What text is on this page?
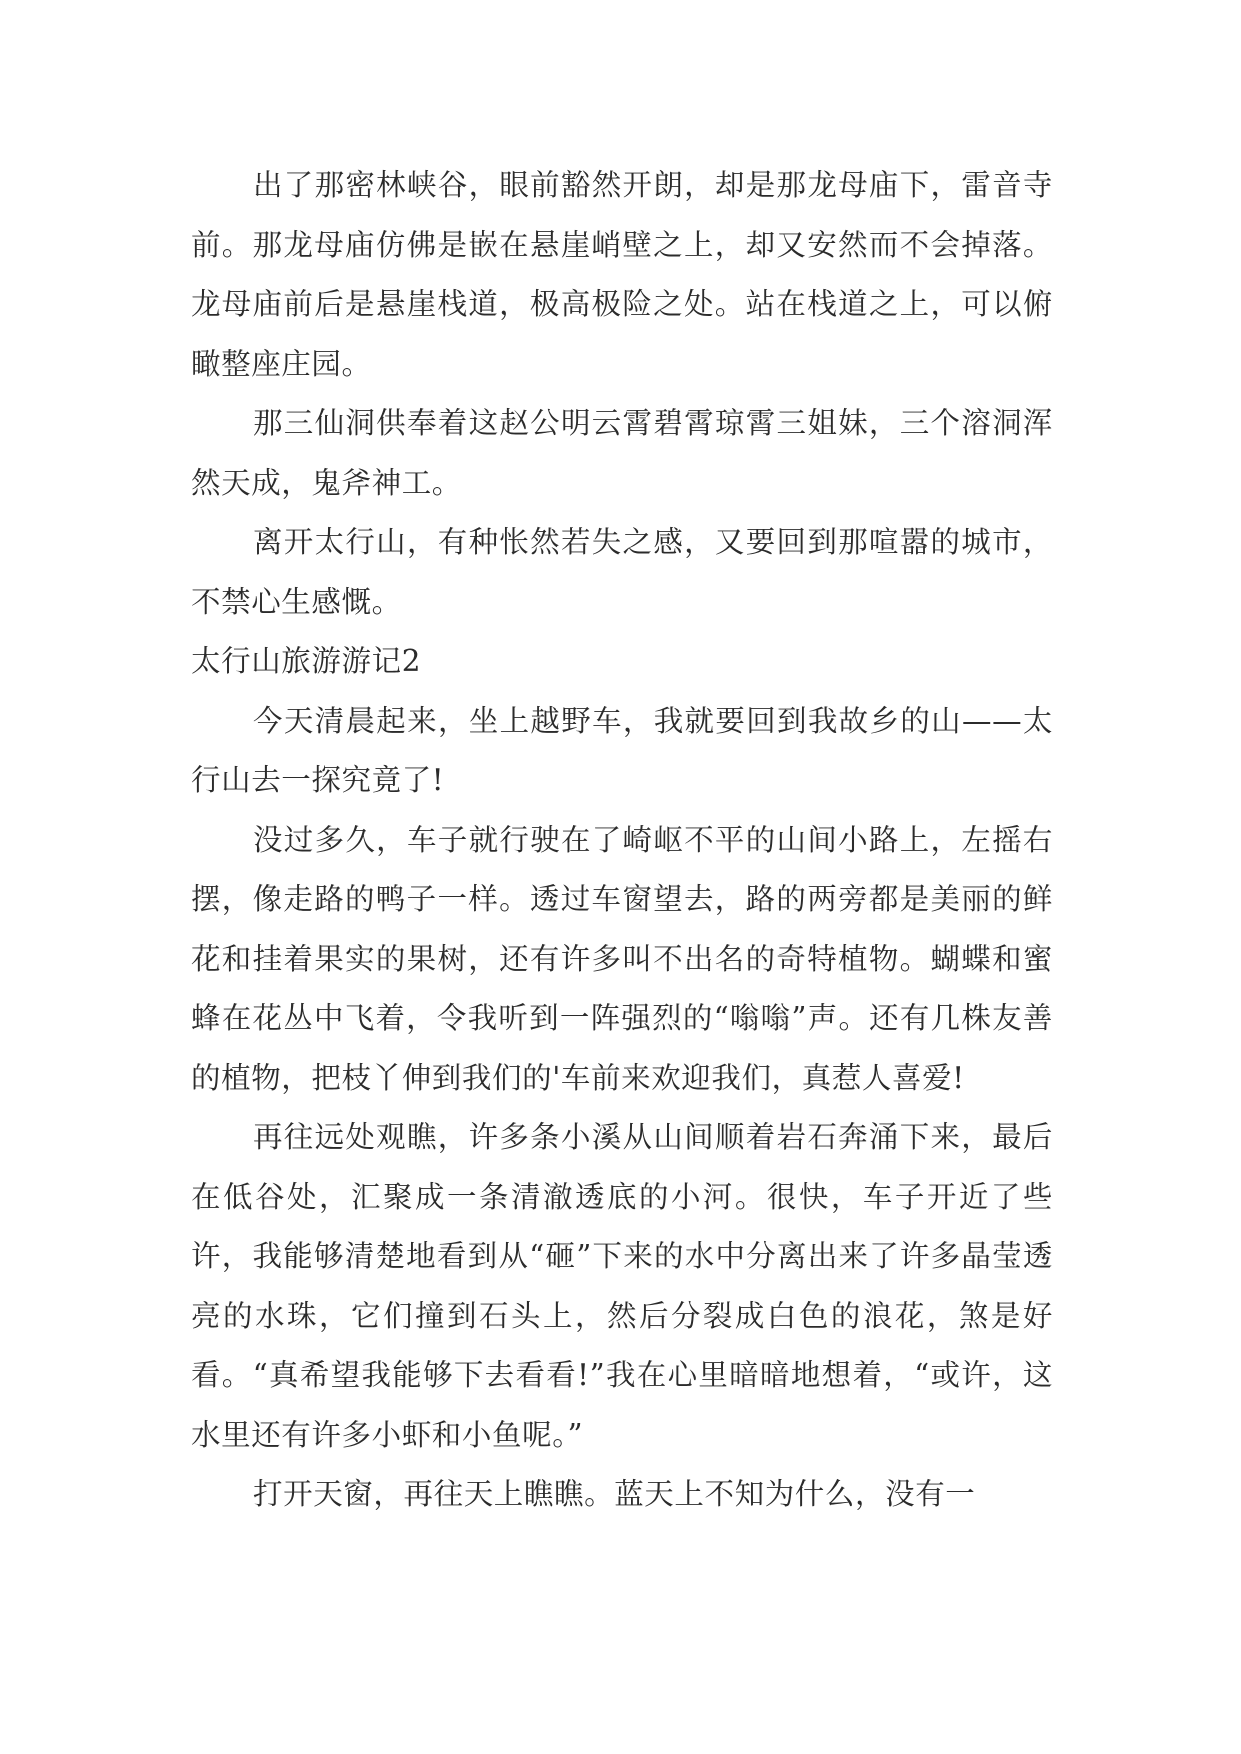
出了那密林峡谷，眼前豁然开朗，却是那龙母庙下，雷音寺前。那龙母庙仿佛是嵌在悬崖峭壁之上，却又安然而不会掉落。龙母庙前后是悬崖栈道，极高极险之处。站在栈道之上，可以俯瞰整座庄园。

那三仙洞供奉着这赵公明云霄碧霄琼霄三姐妹，三个溶洞浑然天成，鬼斧神工。

离开太行山，有种怅然若失之感，又要回到那喧嚣的城市，不禁心生感慨。

太行山旅游游记2

今天清晨起来，坐上越野车，我就要回到我故乡的山——太行山去一探究竟了!

没过多久，车子就行驶在了崎岖不平的山间小路上，左摇右摆，像走路的鸭子一样。透过车窗望去，路的两旁都是美丽的鲜花和挂着果实的果树，还有许多叫不出名的奇特植物。蝴蝶和蜜蜂在花丛中飞着，令我听到一阵强烈的“嗡嗡”声。还有几株友善的植物，把枝丫伸到我们的'车前来欢迎我们，真惹人喜爱!

再往远处观瞧，许多条小溪从山间顺着岩石奔涌下来，最后在低谷处，汇聚成一条清澈透底的小河。很快，车子开近了些许，我能够清楚地看到从“砸”下来的水中分离出来了许多晶莹透亮的水珠，它们撞到石头上，然后分裂成白色的浪花，煞是好看。“真希望我能够下去看看!”我在心里暗暗地想着，“或许，这水里还有许多小虾和小鱼呢。”

打开天窗，再往天上瞧瞧。蓝天上不知为什么，没有一
